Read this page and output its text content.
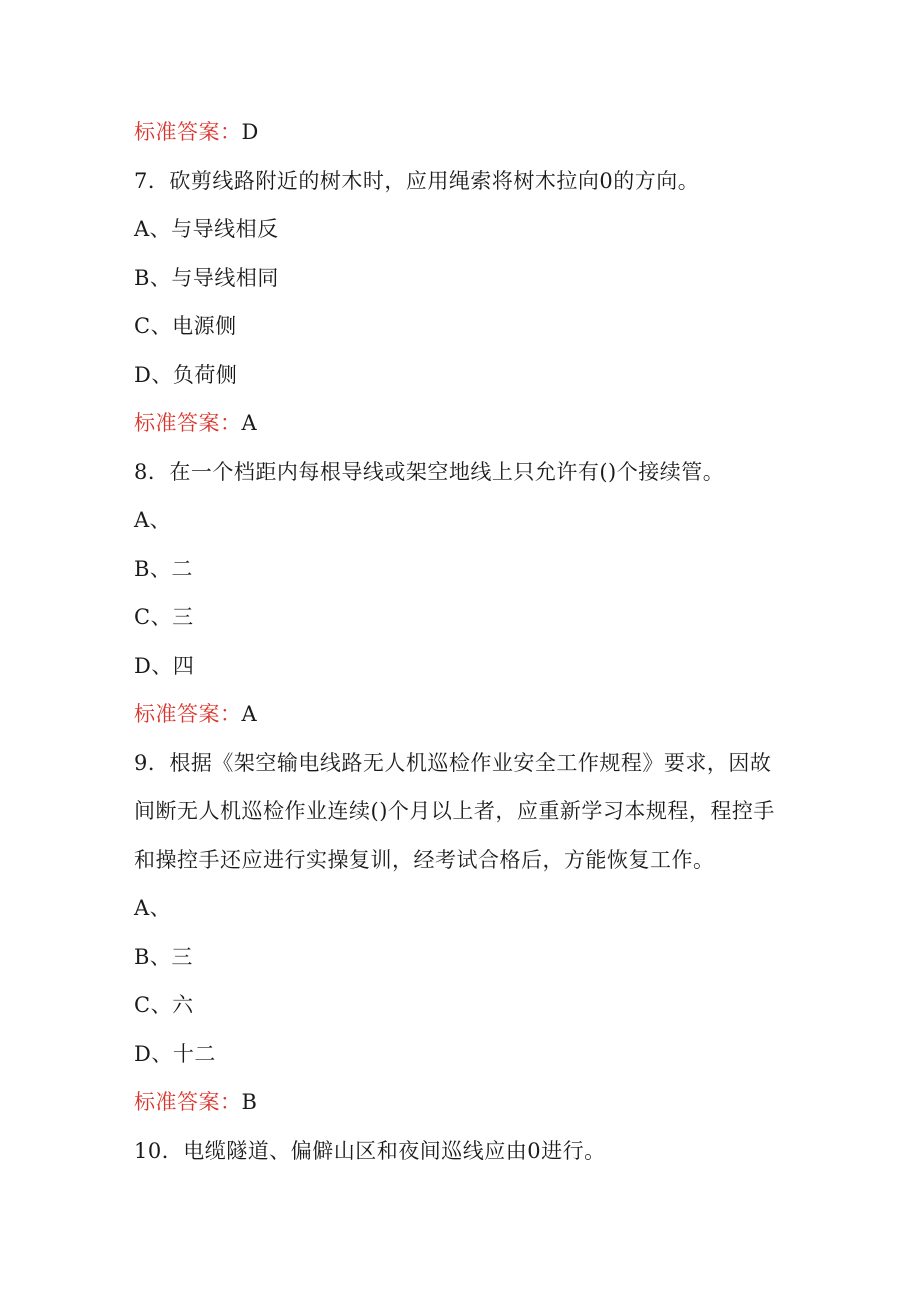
标准答案：D
7．砍剪线路附近的树木时，应用绳索将树木拉向0的方向。
A、与导线相反
B、与导线相同
C、电源侧
D、负荷侧
标准答案：A
8．在一个档距内每根导线或架空地线上只允许有()个接续管。
A、
B、二
C、三
D、四
标准答案：A
9．根据《架空输电线路无人机巡检作业安全工作规程》要求，因故
间断无人机巡检作业连续()个月以上者，应重新学习本规程，程控手
和操控手还应进行实操复训，经考试合格后，方能恢复工作。
A、
B、三
C、六
D、十二
标准答案：B
10．电缆隧道、偏僻山区和夜间巡线应由0进行。
